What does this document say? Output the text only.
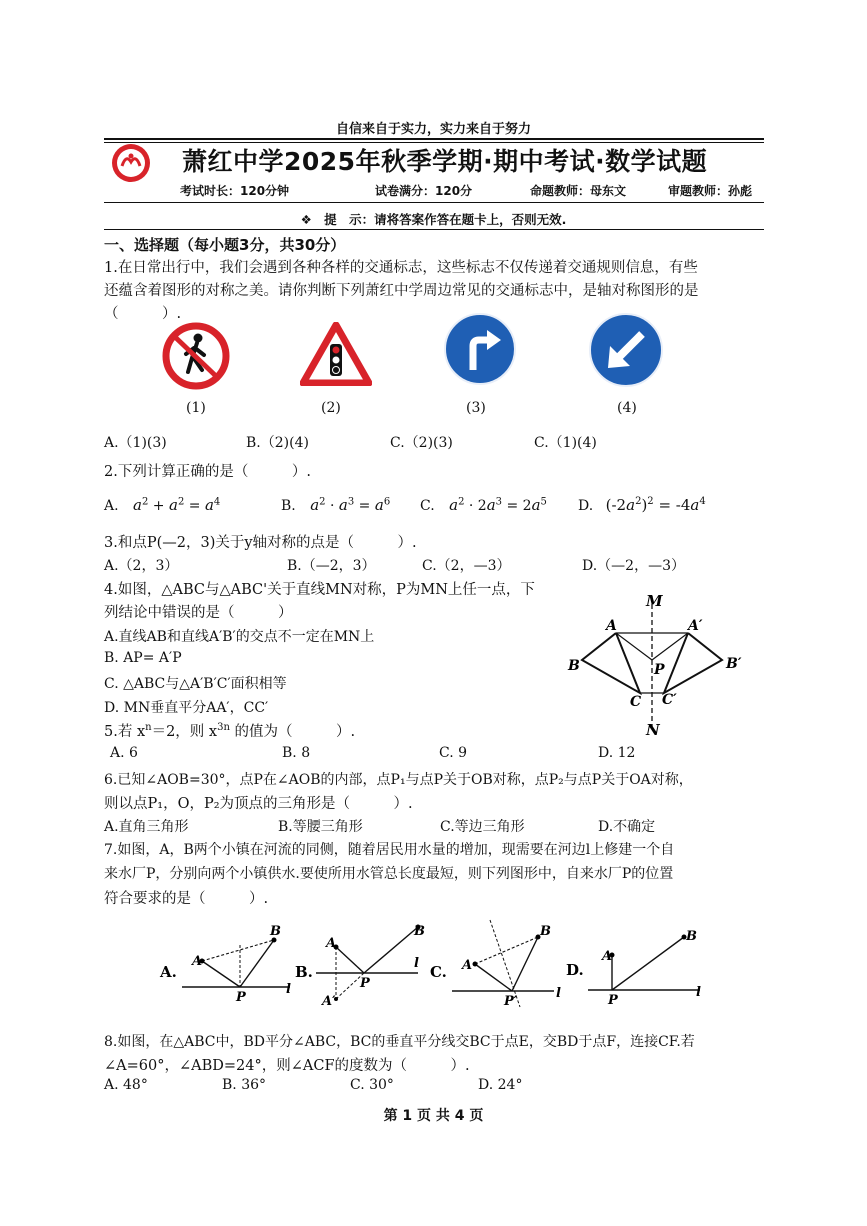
自信来自于实力，实力来自于努力
萧红中学2025年秋季学期·期中考试·数学试题
考试时长：120分钟	试卷满分：120分	命题教师：母东文	审题教师：孙彪
❖ 提　示：请将答案作答在题卡上，否则无效.
一、选择题（每小题3分，共30分）
1.在日常出行中，我们会遇到各种各样的交通标志，这些标志不仅传递着交通规则信息，有些
还蕴含着图形的对称之美。请你判断下列萧红中学周边常见的交通标志中，是轴对称图形的是
（　　　）.
(1)	(2)	(3)	(4)
A.（1)(3)	B.（2)(4)	C.（2)(3)	C.（1)(4)
2.下列计算正确的是（　　　）.
A. $a^2 + a^2 = a^4$	B. $a^2 \cdot a^3 = a^6$ C. $a^2 \cdot 2a^3 = 2a^5$ D. $(-2a^2)^2 = -4a^4$
3.和点P(—2，3)关于y轴对称的点是（　　　）.
A.（2，3）	B.（—2，3）	C.（2，—3）	D.（—2，—3）
4.如图，△ABC与△ABC'关于直线MN对称，P为MN上任一点，下
列结论中错误的是（　　　）
A.直线AB和直线A′B′的交点不一定在MN上
B. AP= A′P
C. △ABC与△A′B′C′面积相等
D. MN垂直平分AA′，CC′
M
N
A	A′
B	B′
C C′
P
5.若 $x^n=2$，则 $x^{3n}$ 的值为（　　　）.
A. 6	B. 8	C. 9	D. 12
6.已知∠AOB=30°，点P在∠AOB的内部，点P₁与点P关于OB对称，点P₂与点P关于OA对称，
则以点P₁，O，P₂为顶点的三角形是（　　　）.
A.直角三角形	B.等腰三角形	C.等边三角形	D.不确定
7.如图，A，B两个小镇在河流的同侧，随着居民用水量的增加，现需要在河边l上修建一个自
来水厂P，分别向两个小镇供水.要使所用水管总长度最短，则下列图形中，自来水厂P的位置
符合要求的是（　　　）.
A.
A
B
P
l
B.
A
B
P
l
A′
C. A
B
P′
l
D.
A
B
P
l
8.如图，在△ABC中，BD平分∠ABC，BC的垂直平分线交BC于点E，交BD于点F，连接CF.若
∠A=60°，∠ABD=24°，则∠ACF的度数为（　　　）.
A. 48°	B. 36°	C. 30°	D. 24°
第 1 页 共 4 页
